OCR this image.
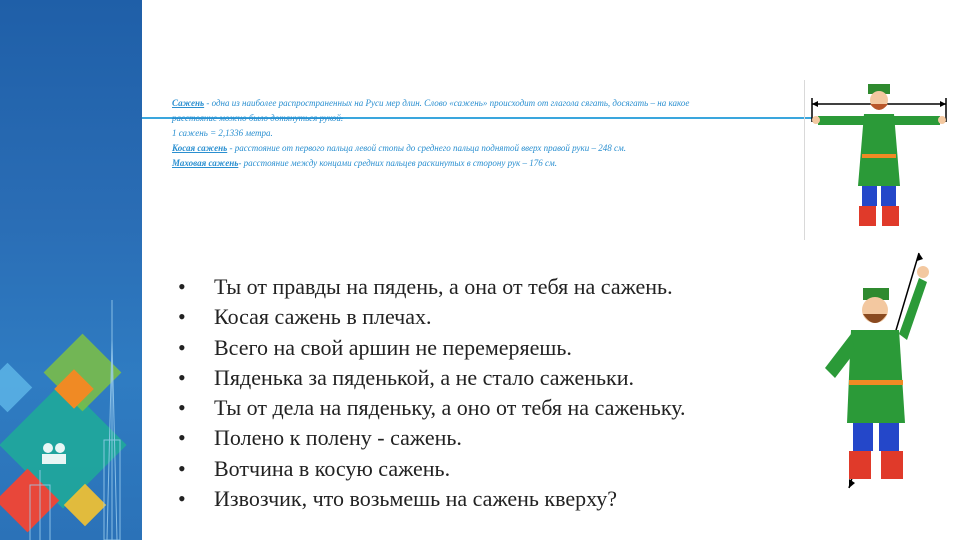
Сажень - одна из наиболее распространенных на Руси мер длин. Слово «сажень» происходит от глагола сягать, досягать – на какое
расстояние можно было дотянуться рукой.
1 сажень = 2,1336 метра.
Косая сажень - расстояние от первого пальца левой стопы до среднего пальца поднятой вверх правой руки – 248 см.
Маховая сажень- расстояние между концами средних пальцев раскинутых в сторону рук – 176 см.
• Ты от правды на пядень, а она от тебя на сажень.
• Косая сажень в плечах.
• Всего на свой аршин не перемеряешь.
• Пяденька за пяденькой, а не стало саженьки.
• Ты от дела на пяденьку, а оно от тебя на саженьку.
• Полено к полену - сажень.
• Вотчина в косую сажень.
• Извозчик, что возьмешь на сажень кверху?
